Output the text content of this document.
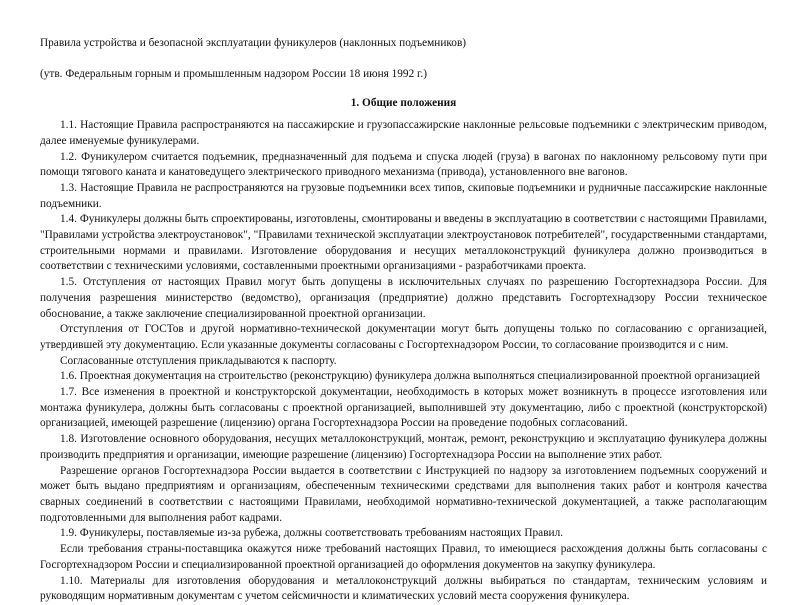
Правила устройства и безопасной эксплуатации фуникулеров (наклонных подъемников)

(утв. Федеральным горным и промышленным надзором России 18 июня 1992 г.)

1. Общие положения

1.1. Настоящие Правила распространяются на пассажирские и грузопассажирские наклонные рельсовые подъемники с электрическим приводом, далее именуемые фуникулерами.

1.2. Фуникулером считается подъемник, предназначенный для подъема и спуска людей (груза) в вагонах по наклонному рельсовому пути при помощи тягового каната и канатоведущего электрического приводного механизма (привода), установленного вне вагонов.

1.3. Настоящие Правила не распространяются на грузовые подъемники всех типов, скиповые подъемники и рудничные пассажирские наклонные подъемники.

1.4. Фуникулеры должны быть спроектированы, изготовлены, смонтированы и введены в эксплуатацию в соответствии с настоящими Правилами, "Правилами устройства электроустановок", "Правилами технической эксплуатации электроустановок потребителей", государственными стандартами, строительными нормами и правилами. Изготовление оборудования и несущих металлоконструкций фуникулера должно производиться в соответствии с техническими условиями, составленными проектными организациями - разработчиками проекта.

1.5. Отступления от настоящих Правил могут быть допущены в исключительных случаях по разрешению Госгортехнадзора России. Для получения разрешения министерство (ведомство), организация (предприятие) должно представить Госгортехнадзору России техническое обоснование, а также заключение специализированной проектной организации.

Отступления от ГОСТов и другой нормативно-технической документации могут быть допущены только по согласованию с организацией, утвердившей эту документацию. Если указанные документы согласованы с Госгортехнадзором России, то согласование производится и с ним.

Согласованные отступления прикладываются к паспорту.

1.6. Проектная документация на строительство (реконструкцию) фуникулера должна выполняться специализированной проектной организацией

1.7. Все изменения в проектной и конструкторской документации, необходимость в которых может возникнуть в процессе изготовления или монтажа фуникулера, должны быть согласованы с проектной организацией, выполнившей эту документацию, либо с проектной (конструкторской) организацией, имеющей разрешение (лицензию) органа Госгортехнадзора России на проведение подобных согласований.

1.8. Изготовление основного оборудования, несущих металлоконструкций, монтаж, ремонт, реконструкцию и эксплуатацию фуникулера должны производить предприятия и организации, имеющие разрешение (лицензию) Госгортехнадзора России на выполнение этих работ.

Разрешение органов Госгортехнадзора России выдается в соответствии с Инструкцией по надзору за изготовлением подъемных сооружений и может быть выдано предприятиям и организациям, обеспеченным техническими средствами для выполнения таких работ и контроля качества сварных соединений в соответствии с настоящими Правилами, необходимой нормативно-технической документацией, а также располагающим подготовленными для выполнения работ кадрами.

1.9. Фуникулеры, поставляемые из-за рубежа, должны соответствовать требованиям настоящих Правил.

Если требования страны-поставщика окажутся ниже требований настоящих Правил, то имеющиеся расхождения должны быть согласованы с Госгортехнадзором России и специализированной проектной организацией до оформления документов на закупку фуникулера.

1.10. Материалы для изготовления оборудования и металлоконструкций должны выбираться по стандартам, техническим условиям и руководящим нормативным документам с учетом сейсмичности и климатических условий места сооружения фуникулера.
